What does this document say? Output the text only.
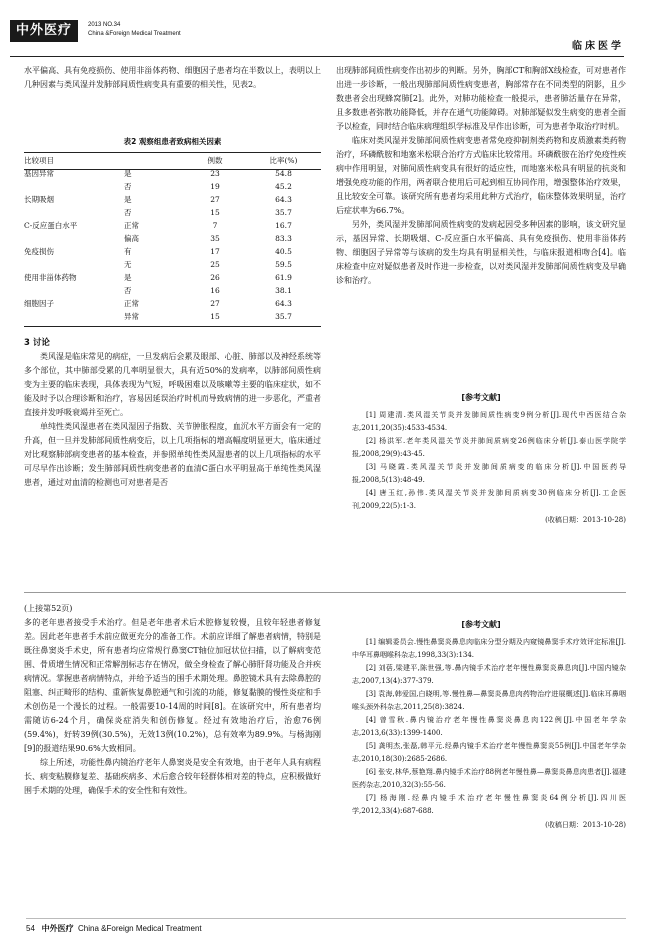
中外医疗	2013 NO.34
China &Foreign Medical Treatment
临床医学

水平偏高、具有免疫损伤、使用非甾体药物、细胞因子患者均在半数以上，表明以上几种因素与类风湿并发肺部间质性病变具有重要的相关性，见表2。

表2 观察组患者致病相关因素
比较项目		例数	比率(%)
基因异常	是	23	54.8
	否	19	45.2
长期吸烟	是	27	64.3
	否	15	35.7
C-反应蛋白水平	正常	7	16.7
	偏高	35	83.3
免疫损伤	有	17	40.5
	无	25	59.5
使用非甾体药物	是	26	61.9
	否	16	38.1
细胞因子	正常	27	64.3
	异常	15	35.7
3 讨论

类风湿是临床常见的病症，一旦发病后会累及眼部、心脏、肺部以及神经系统等多个部位，其中肺部受累的几率明显很大，具有近50%的发病率，以肺部间质性病变为主要的临床表现，具体表现为气短，呼吸困难以及咳嗽等主要的临床症状，如不能及时予以合理诊断和治疗，容易因延误治疗时机而导致病情的进一步恶化，严重者直接并发呼吸衰竭并至死亡。

单纯性类风湿患者在类风湿因子指数、关节肿胀程度，血沉水平方面会有一定的升高，但一旦并发肺部间质性病变后，以上几项指标的增高幅度明显更大，临床通过对比观察肺部病变患者的基本检查，并参照单纯性类风湿患者的以上几项指标的水平可尽早作出诊断；发生肺部间质性病变患者的血清C蛋白水平明显高于单纯性类风湿患者，通过对血清的检测也可对患者是否

出现肺部间质性病变作出初步的判断。另外，胸部CT和胸部X线检查，可对患者作出进一步诊断，一般出现肺部间质性病变患者，胸部常存在不同类型的阴影，且少数患者会出现蜂窝肺[2]。此外，对肺功能检查一般提示，患者肺活量存在异常，且多数患者弥散功能降低，并存在通气功能障碍。对肺部疑似发生病变的患者全面予以检查，同时结合临床病理组织学标准及早作出诊断，可为患者争取治疗时机。

临床对类风湿并发肺部间质性病变患者常免疫抑制剂类药物和皮质激素类药物治疗，环磷酰胺和地塞米松联合治疗方式临床比较常用。环磷酰胺在治疗免疫性疾病中作用明显，对肺间质性病变具有很好的适应性，而地塞米松具有明显的抗炎和增强免疫功能的作用，两者联合使用后可起到相互协同作用，增强整体治疗效果，且比较安全可靠。该研究所有患者均采用此种方式治疗，临床整体效果明显，治疗后症状率为66.7%。

另外，类风湿并发肺部间质性病变的发病起因受多种因素的影响，该文研究显示，基因异常、长期吸烟、C-反应蛋白水平偏高、具有免疫损伤、使用非甾体药物、细胞因子异常等与该病的发生均具有明显相关性，与临床报道相吻合[4]。临床检查中应对疑似患者及时作进一步检查，以对类风湿并发肺部间质性病变及早确诊和治疗。

[参考文献]

[1] 周建清.类风湿关节炎并发肺间质性病变9例分析[J].现代中西医结合杂志,2011,20(35):4533-4534.

[2] 杨洪军.老年类风湿关节炎并肺间质病变26例临床分析[J].泰山医学院学报,2008,29(9):43-45.

[3] 马晓霞.类风湿关节炎并发肺间质病变的临床分析[J].中国医药导报,2008,5(13):48-49.

[4] 唐玉红,孙伟.类风湿关节炎并发肺间质病变30例临床分析[J].工企医刊,2009,22(5):1-3.

(收稿日期：2013-10-28)
(上接第52页)

多的老年患者接受手术治疗。但是老年患者术后术腔修复较慢，且较年轻患者修复差。因此老年患者手术前应做更充分的准备工作。术前应详细了解患者病情，特别是既往鼻窦炎手术史，所有患者均应常规行鼻窦CT轴位加冠状位扫描，以了解病变范围、骨质增生情况和正常解剖标志存在情况，做全身检查了解心肺肝肾功能及合并疾病情况。掌握患者病情特点，并给予适当的围手术期处理。鼻腔镜术具有去除鼻腔的阻塞、纠正畸形的结构、重新恢复鼻腔通气和引流的功能，修复黏膜的慢性炎症和手术创伤是一个漫长的过程。一般需要10-14周的时间[8]。在该研究中，所有患者均需随访6-24个月，确保炎症消失和创伤修复。经过有效地治疗后，治愈76例(59.4%)，好转39例(30.5%)，无效13例(10.2%)，总有效率为89.9%。与杨海刚[9]的报道结果90.6%大致相同。

综上所述，功能性鼻内镜治疗老年人鼻窦炎是安全有效地，由于老年人具有病程长、病变粘膜修复差、基础疾病多、术后愈合较年轻群体相对差的特点，应积极做好围手术期的处理，确保手术的安全性和有效性。

[参考文献]

[1] 编辑委员会.慢性鼻窦炎鼻息肉临床分型分期及内窥镜鼻窦手术疗效评定标准[J].中华耳鼻咽喉科杂志,1998,33(3):134.

[2] 刘蓓,梁建平,陈世强,等.鼻内镜手术治疗老年慢性鼻窦炎鼻息肉[J].中国内镜杂志,2007,13(4):377-379.

[3] 袁海,韩爱国,白晓明,等.慢性鼻—鼻窦炎鼻息肉药物治疗进展概述[J].临床耳鼻咽喉头颈外科杂志,2011,25(8):3824.

[4] 曾雪秋.鼻内镜治疗老年慢性鼻窦炎鼻息肉122例[J].中国老年学杂志,2013,6(33):1399-1400.

[5] 龚明杰,张磊,韩平元.经鼻内镜手术治疗老年慢性鼻窦炎55例[J].中国老年学杂志,2010,18(30):2685-2686.

[6] 张安,林华,蔡艳翔.鼻内镜手术治疗88例老年慢性鼻—鼻窦炎鼻息肉患者[J].福建医药杂志,2010,32(3):55-56.

[7] 杨海刚.经鼻内镜手术治疗老年慢性鼻窦炎64例分析[J].四川医学,2012,33(4):687-688.

(收稿日期：2013-10-28)
54 中外医疗 China &Foreign Medical Treatment
